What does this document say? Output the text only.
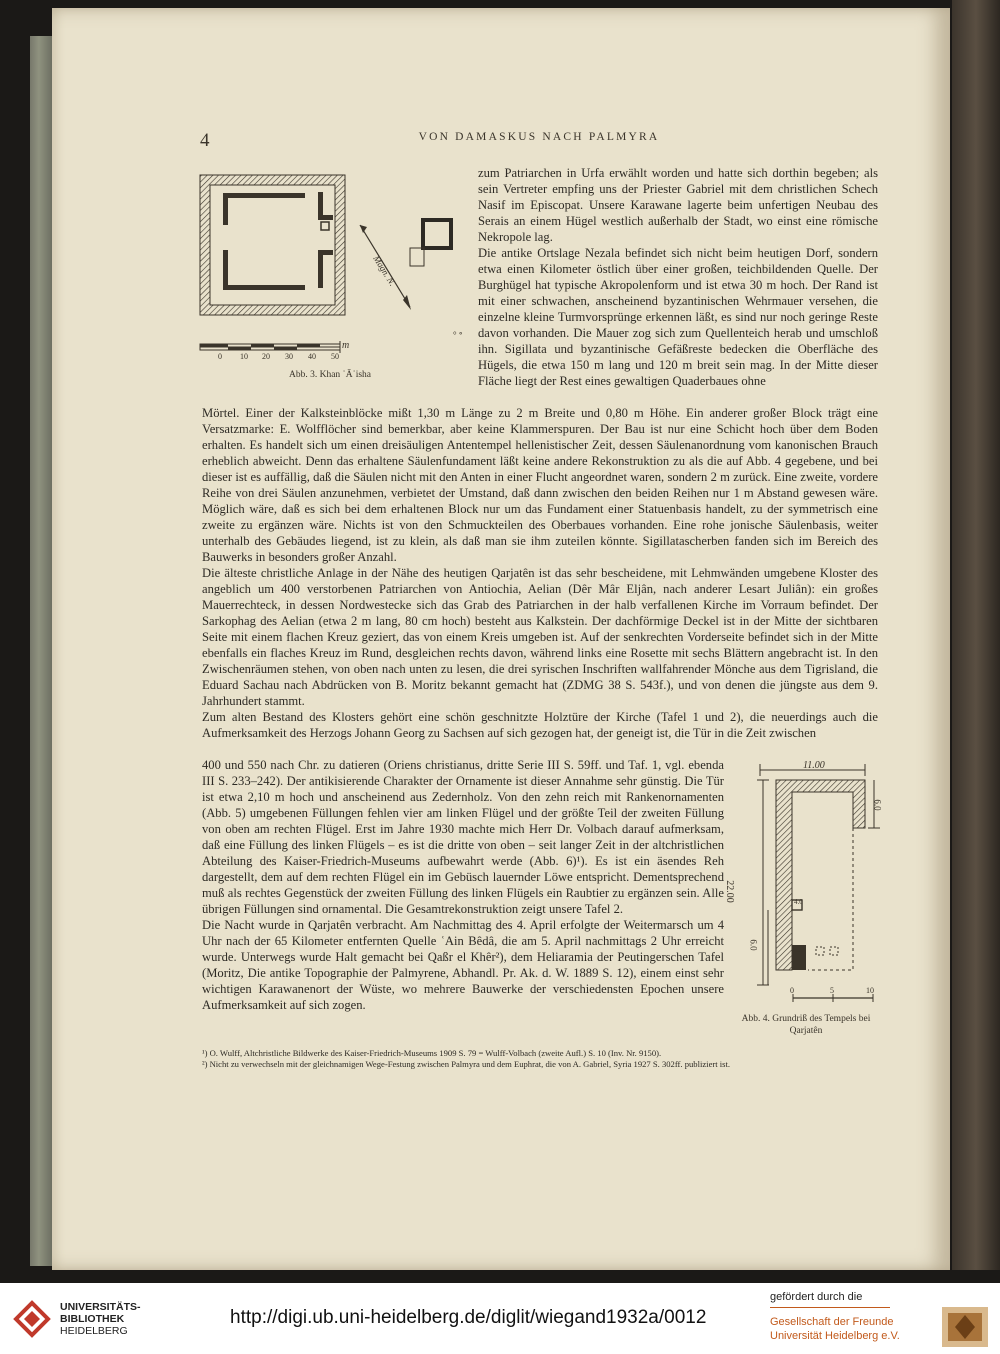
4	VON DAMASKUS NACH PALMYRA
Magn. N.
° ᐤ
m
0 10 20 30 40 50
Abb. 3. Khan ʿĀʾisha

zum Patriarchen in Urfa erwählt worden und hatte sich dorthin begeben; als sein Vertreter empfing uns der Priester Gabriel mit dem christlichen Schech Nasif im Episcopat. Unsere Karawane lagerte beim unfertigen Neubau des Serais an einem Hügel westlich außerhalb der Stadt, wo einst eine römische Nekropole lag.

Die antike Ortslage Nezala befindet sich nicht beim heutigen Dorf, sondern etwa einen Kilometer östlich über einer großen, teichbildenden Quelle. Der Burghügel hat typische Akropolenform und ist etwa 30 m hoch. Der Rand ist mit einer schwachen, anscheinend byzantinischen Wehrmauer versehen, die einzelne kleine Turmvorsprünge erkennen läßt, es sind nur noch geringe Reste davon vorhanden. Die Mauer zog sich zum Quellenteich herab und umschloß ihn. Sigillata und byzantinische Gefäßreste bedecken die Oberfläche des Hügels, die etwa 150 m lang und 120 m breit sein mag. In der Mitte dieser Fläche liegt der Rest eines gewaltigen Quaderbaues ohne

Mörtel. Einer der Kalksteinblöcke mißt 1,30 m Länge zu 2 m Breite und 0,80 m Höhe. Ein anderer großer Block trägt eine Versatzmarke: E. Wolfflöcher sind bemerkbar, aber keine Klammerspuren. Der Bau ist nur eine Schicht hoch über dem Boden erhalten. Es handelt sich um einen dreisäuligen Antentempel hellenistischer Zeit, dessen Säulenanordnung vom kanonischen Brauch erheblich abweicht. Denn das erhaltene Säulenfundament läßt keine andere Rekonstruktion zu als die auf Abb. 4 gegebene, und bei dieser ist es auffällig, daß die Säulen nicht mit den Anten in einer Flucht angeordnet waren, sondern 2 m zurück. Eine zweite, vordere Reihe von drei Säulen anzunehmen, verbietet der Umstand, daß dann zwischen den beiden Reihen nur 1 m Abstand gewesen wäre. Möglich wäre, daß es sich bei dem erhaltenen Block nur um das Fundament einer Statuenbasis handelt, zu der symmetrisch eine zweite zu ergänzen wäre. Nichts ist von den Schmuckteilen des Oberbaues vorhanden. Eine rohe jonische Säulenbasis, weiter unterhalb des Gebäudes liegend, ist zu klein, als daß man sie ihm zuteilen könnte. Sigillatascherben fanden sich im Bereich des Bauwerks in besonders großer Anzahl.

Die älteste christliche Anlage in der Nähe des heutigen Qarjatên ist das sehr bescheidene, mit Lehmwänden umgebene Kloster des angeblich um 400 verstorbenen Patriarchen von Antiochia, Aelian (Dêr Mâr Eljân, nach anderer Lesart Juliân): ein großes Mauerrechteck, in dessen Nordwestecke sich das Grab des Patriarchen in der halb verfallenen Kirche im Vorraum befindet. Der Sarkophag des Aelian (etwa 2 m lang, 80 cm hoch) besteht aus Kalkstein. Der dachförmige Deckel ist in der Mitte der sichtbaren Seite mit einem flachen Kreuz geziert, das von einem Kreis umgeben ist. Auf der senkrechten Vorderseite befindet sich in der Mitte ebenfalls ein flaches Kreuz im Rund, desgleichen rechts davon, während links eine Rosette mit sechs Blättern angebracht ist. In den Zwischenräumen stehen, von oben nach unten zu lesen, die drei syrischen Inschriften wallfahrender Mönche aus dem Tigrisland, die Eduard Sachau nach Abdrücken von B. Moritz bekannt gemacht hat (ZDMG 38 S. 543f.), und von denen die jüngste aus dem 9. Jahrhundert stammt.

Zum alten Bestand des Klosters gehört eine schön geschnitzte Holztüre der Kirche (Tafel 1 und 2), die neuerdings auch die Aufmerksamkeit des Herzogs Johann Georg zu Sachsen auf sich gezogen hat, der geneigt ist, die Tür in die Zeit zwischen

400 und 550 nach Chr. zu datieren (Oriens christianus, dritte Serie III S. 59ff. und Taf. 1, vgl. ebenda III S. 233–242). Der antikisierende Charakter der Ornamente ist dieser Annahme sehr günstig. Die Tür ist etwa 2,10 m hoch und anscheinend aus Zedernholz. Von den zehn reich mit Rankenornamenten (Abb. 5) umgebenen Füllungen fehlen vier am linken Flügel und der größte Teil der zweiten Füllung von oben am rechten Flügel. Erst im Jahre 1930 machte mich Herr Dr. Volbach darauf aufmerksam, daß eine Füllung des linken Flügels – es ist die dritte von oben – seit langer Zeit in der altchristlichen Abteilung des Kaiser-Friedrich-Museums aufbewahrt werde (Abb. 6)¹). Es ist ein äsendes Reh dargestellt, dem auf dem rechten Flügel ein im Gebüsch lauernder Löwe entspricht. Dementsprechend muß als rechtes Gegenstück der zweiten Füllung des linken Flügels ein Raubtier zu ergänzen sein. Alle übrigen Füllungen sind ornamental. Die Gesamtrekonstruktion zeigt unsere Tafel 2.

Die Nacht wurde in Qarjatên verbracht. Am Nachmittag des 4. April erfolgte der Weitermarsch um 4 Uhr nach der 65 Kilometer entfernten Quelle ʿAin Bêdâ, die am 5. April nachmittags 2 Uhr erreicht wurde. Unterwegs wurde Halt gemacht bei Qaßr el Khêr²), dem Heliaramia der Peutingerschen Tafel (Moritz, Die antike Topographie der Palmyrene, Abhandl. Pr. Ak. d. W. 1889 S. 12), einem einst sehr wichtigen Karawanenort der Wüste, wo mehrere Bauwerke der verschiedensten Epochen unsere Aufmerksamkeit auf sich zogen.

11.00
6.0
22.00
6.0	1.0
4.0
0	5	10
Abb. 4. Grundriß des Tempels bei Qarjatên

¹) O. Wulff, Altchristliche Bildwerke des Kaiser-Friedrich-Museums 1909 S. 79 = Wulff-Volbach (zweite Aufl.) S. 10 (Inv. Nr. 9150).

²) Nicht zu verwechseln mit der gleichnamigen Wege-Festung zwischen Palmyra und dem Euphrat, die von A. Gabriel, Syria 1927 S. 302ff. publiziert ist.

UNIVERSITÄTS-
BIBLIOTHEK
HEIDELBERG
http://digi.ub.uni-heidelberg.de/diglit/wiegand1932a/0012
gefördert durch die
Gesellschaft der Freunde
Universität Heidelberg e.V.
